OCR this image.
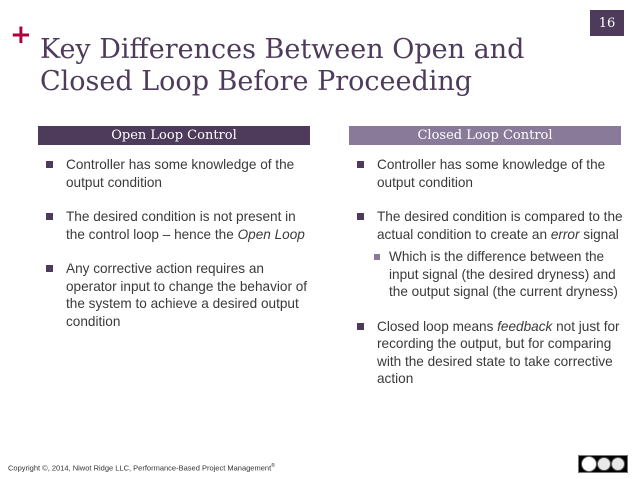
+	16
Key Differences Between Open and
Closed Loop Before Proceeding
Open Loop Control	Closed Loop Control
Controller has some knowledge of the output condition
The desired condition is not present in the control loop – hence the Open Loop
Any corrective action requires an operator input to change the behavior of the system to achieve a desired output condition
Controller has some knowledge of the output condition
The desired condition is compared to the actual condition to create an error signal
Which is the difference between the input signal (the desired dryness) and the output signal (the current dryness)
Closed loop means feedback not just for recording the output, but for comparing with the desired state to take corrective action
Copyright ©, 2014, Niwot Ridge LLC, Performance-Based Project Management®
